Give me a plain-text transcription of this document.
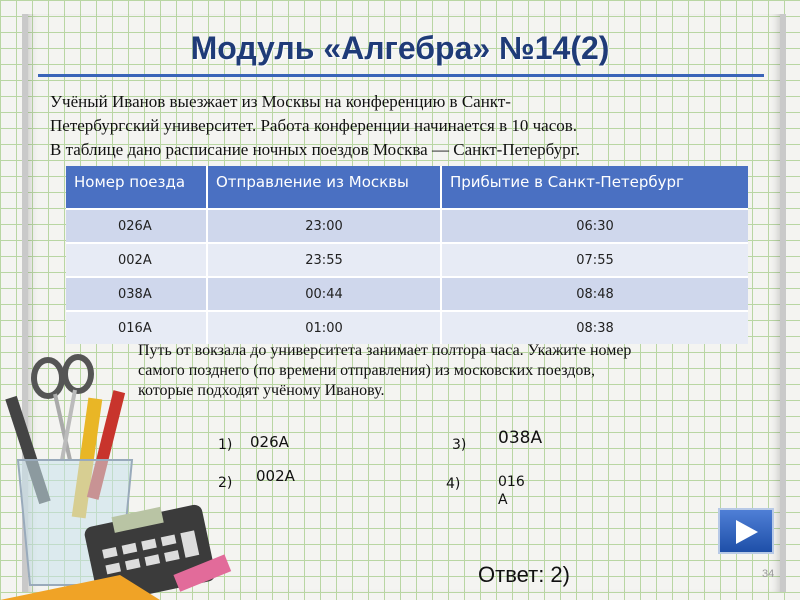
Модуль «Алгебра» №14(2)

Учёный Иванов выезжает из Москвы на конференцию в Санкт-

Петербургский университет. Работа конференции начинается в 10 часов.

В таблице дано расписание ночных поездов Москва — Санкт-Петербург.

Номер поезда	Отправление из Москвы	Прибытие в Санкт-Петербург
026А	23:00	06:30
002А	23:55	07:55
038А	00:44	08:48
016А	01:00	08:38

Путь от вокзала до университета занимает полтора часа. Укажите номер

самого позднего (по времени отправления) из московских поездов,

которые подходят учёному Иванову.

1) 026А
2) 002А
3) 038А
4)	016 А
Ответ: 2)	34
